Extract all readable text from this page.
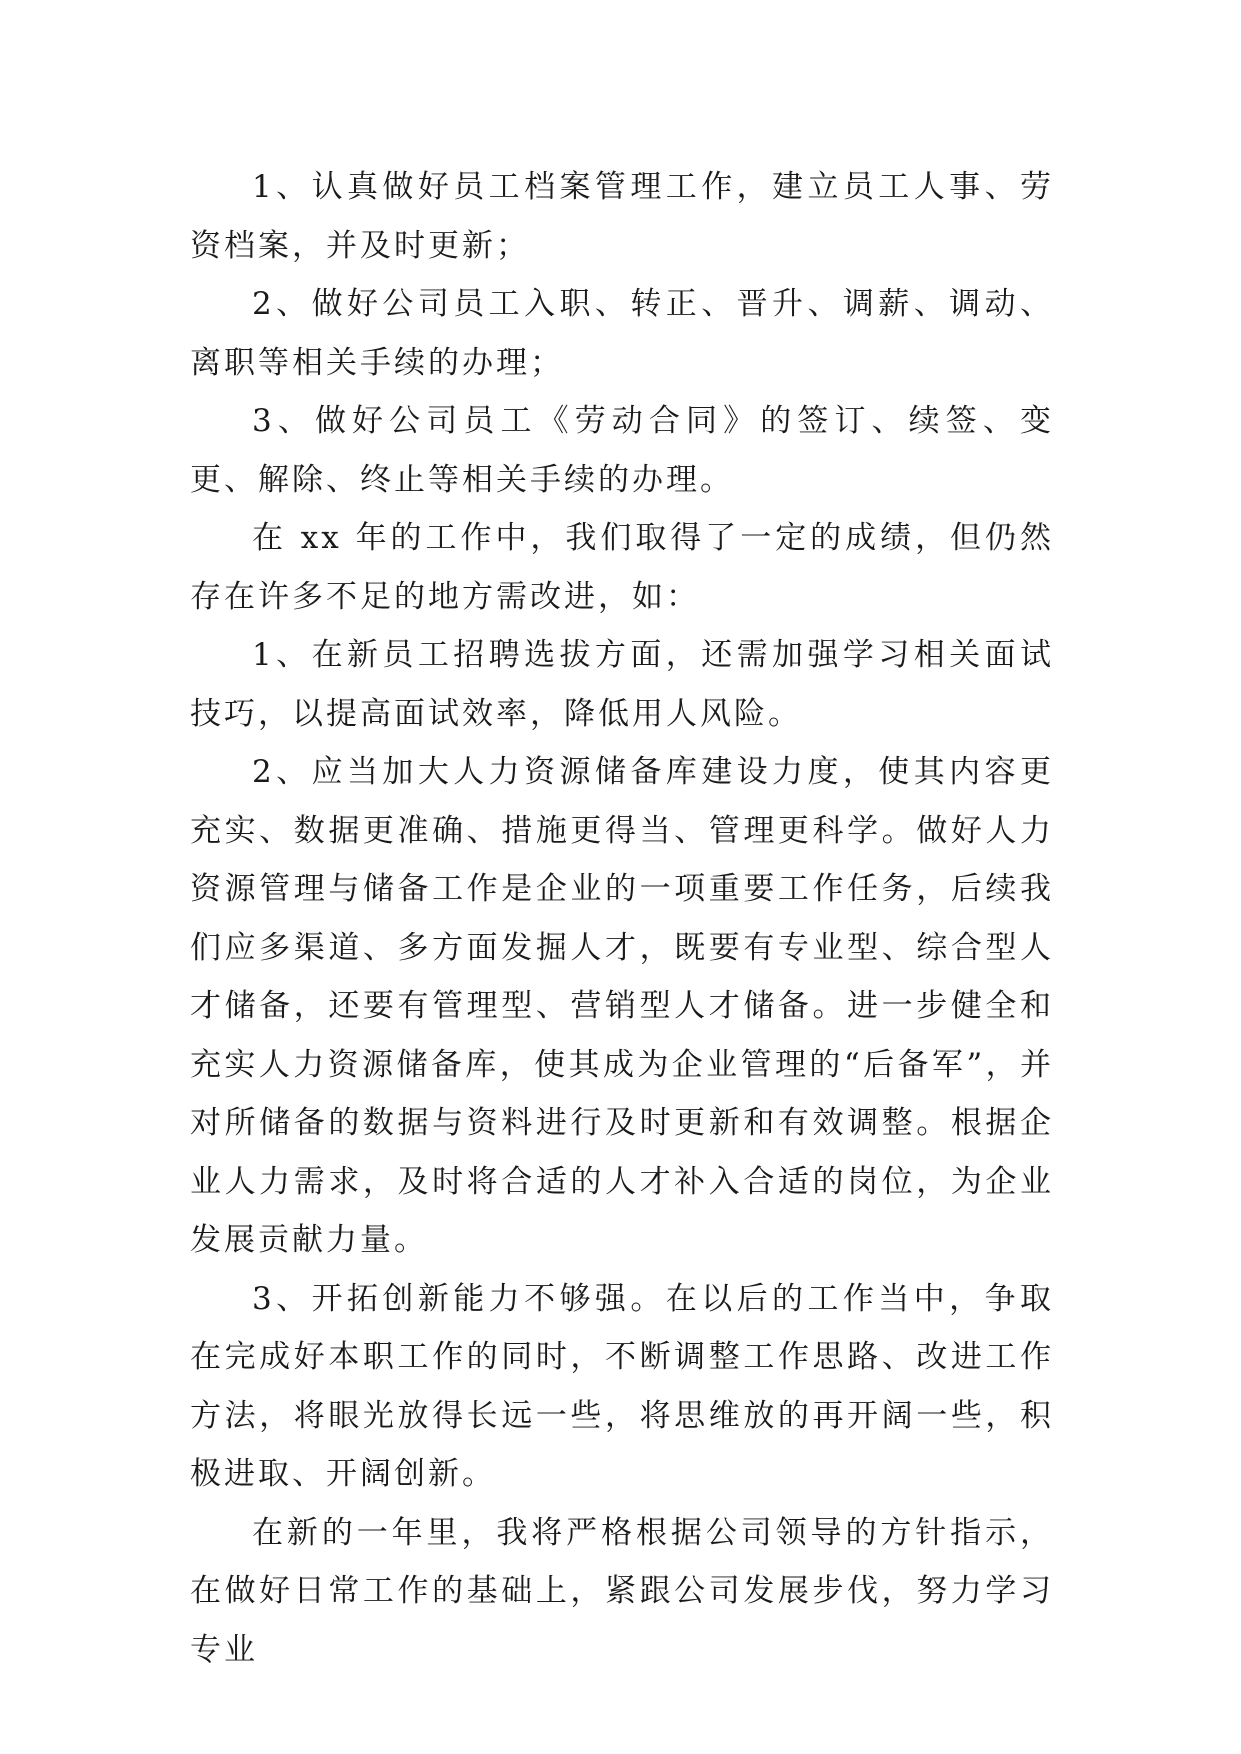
1、认真做好员工档案管理工作，建立员工人事、劳资档案，并及时更新；

2、做好公司员工入职、转正、晋升、调薪、调动、离职等相关手续的办理；

3、做好公司员工《劳动合同》的签订、续签、变更、解除、终止等相关手续的办理。

在 xx 年的工作中，我们取得了一定的成绩，但仍然存在许多不足的地方需改进，如：

1、在新员工招聘选拔方面，还需加强学习相关面试技巧，以提高面试效率，降低用人风险。

2、应当加大人力资源储备库建设力度，使其内容更充实、数据更准确、措施更得当、管理更科学。做好人力资源管理与储备工作是企业的一项重要工作任务，后续我们应多渠道、多方面发掘人才，既要有专业型、综合型人才储备，还要有管理型、营销型人才储备。进一步健全和充实人力资源储备库，使其成为企业管理的“后备军”，并对所储备的数据与资料进行及时更新和有效调整。根据企业人力需求，及时将合适的人才补入合适的岗位，为企业发展贡献力量。

3、开拓创新能力不够强。在以后的工作当中，争取在完成好本职工作的同时，不断调整工作思路、改进工作方法，将眼光放得长远一些，将思维放的再开阔一些，积极进取、开阔创新。

在新的一年里，我将严格根据公司领导的方针指示，在做好日常工作的基础上，紧跟公司发展步伐，努力学习专业
